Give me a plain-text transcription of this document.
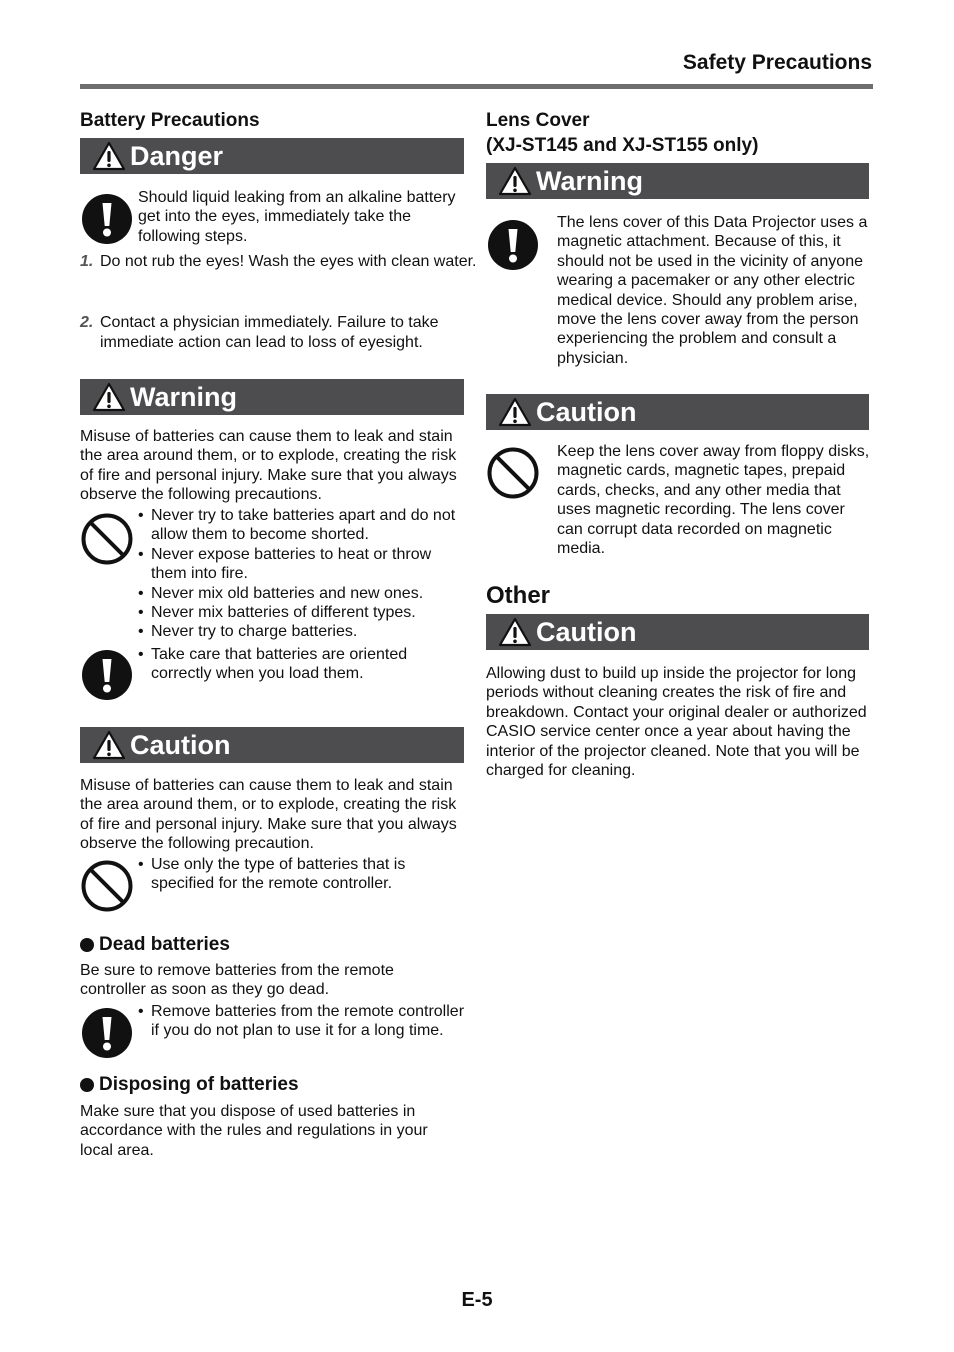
Safety Precautions
Battery Precautions
Danger
Should liquid leaking from an alkaline battery get into the eyes, immediately take the following steps.
1. Do not rub the eyes! Wash the eyes with clean water.
2. Contact a physician immediately. Failure to take immediate action can lead to loss of eyesight.
Warning
Misuse of batteries can cause them to leak and stain the area around them, or to explode, creating the risk of fire and personal injury. Make sure that you always observe the following precautions.
• Never try to take batteries apart and do not allow them to become shorted.
• Never expose batteries to heat or throw them into fire.
• Never mix old batteries and new ones.
• Never mix batteries of different types.
• Never try to charge batteries.
• Take care that batteries are oriented correctly when you load them.
Caution
Misuse of batteries can cause them to leak and stain the area around them, or to explode, creating the risk of fire and personal injury. Make sure that you always observe the following precaution.
• Use only the type of batteries that is specified for the remote controller.
Dead batteries
Be sure to remove batteries from the remote controller as soon as they go dead.
• Remove batteries from the remote controller if you do not plan to use it for a long time.
Disposing of batteries
Make sure that you dispose of used batteries in accordance with the rules and regulations in your local area.
Lens Cover
(XJ-ST145 and XJ-ST155 only)
Warning
The lens cover of this Data Projector uses a magnetic attachment. Because of this, it should not be used in the vicinity of anyone wearing a pacemaker or any other electric medical device. Should any problem arise, move the lens cover away from the person experiencing the problem and consult a physician.
Caution
Keep the lens cover away from floppy disks, magnetic cards, magnetic tapes, prepaid cards, checks, and any other media that uses magnetic recording. The lens cover can corrupt data recorded on magnetic media.
Other
Caution
Allowing dust to build up inside the projector for long periods without cleaning creates the risk of fire and breakdown. Contact your original dealer or authorized CASIO service center once a year about having the interior of the projector cleaned. Note that you will be charged for cleaning.
E-5
